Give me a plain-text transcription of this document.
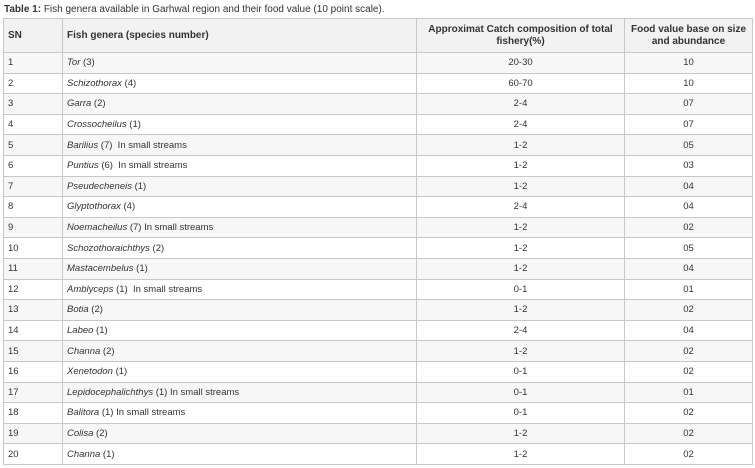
Table 1: Fish genera available in Garhwal region and their food value (10 point scale).
SN	Fish genera (species number)	Approximat Catch composition of total fishery(%)	Food value base on size and abundance
1	Tor (3)	20-30	10
2	Schizothorax (4)	60-70	10
3	Garra (2)	2-4	07
4	Crossocheilus (1)	2-4	07
5	Barilius (7)  In small streams	1-2	05
6	Puntius (6)  In small streams	1-2	03
7	Pseudecheneis (1)	1-2	04
8	Glyptothorax (4)	2-4	04
9	Noemacheilus (7) In small streams	1-2	02
10	Schozothoraichthys (2)	1-2	05
11	Mastacembelus (1)	1-2	04
12	Amblyceps (1)  In small streams	0-1	01
13	Botia (2)	1-2	02
14	Labeo (1)	2-4	04
15	Channa (2)	1-2	02
16	Xenetodon (1)	0-1	02
17	Lepidocephalichthys (1) In small streams	0-1	01
18	Balitora (1) In small streams	0-1	02
19	Colisa (2)	1-2	02
20	Channa (1)	1-2	02
